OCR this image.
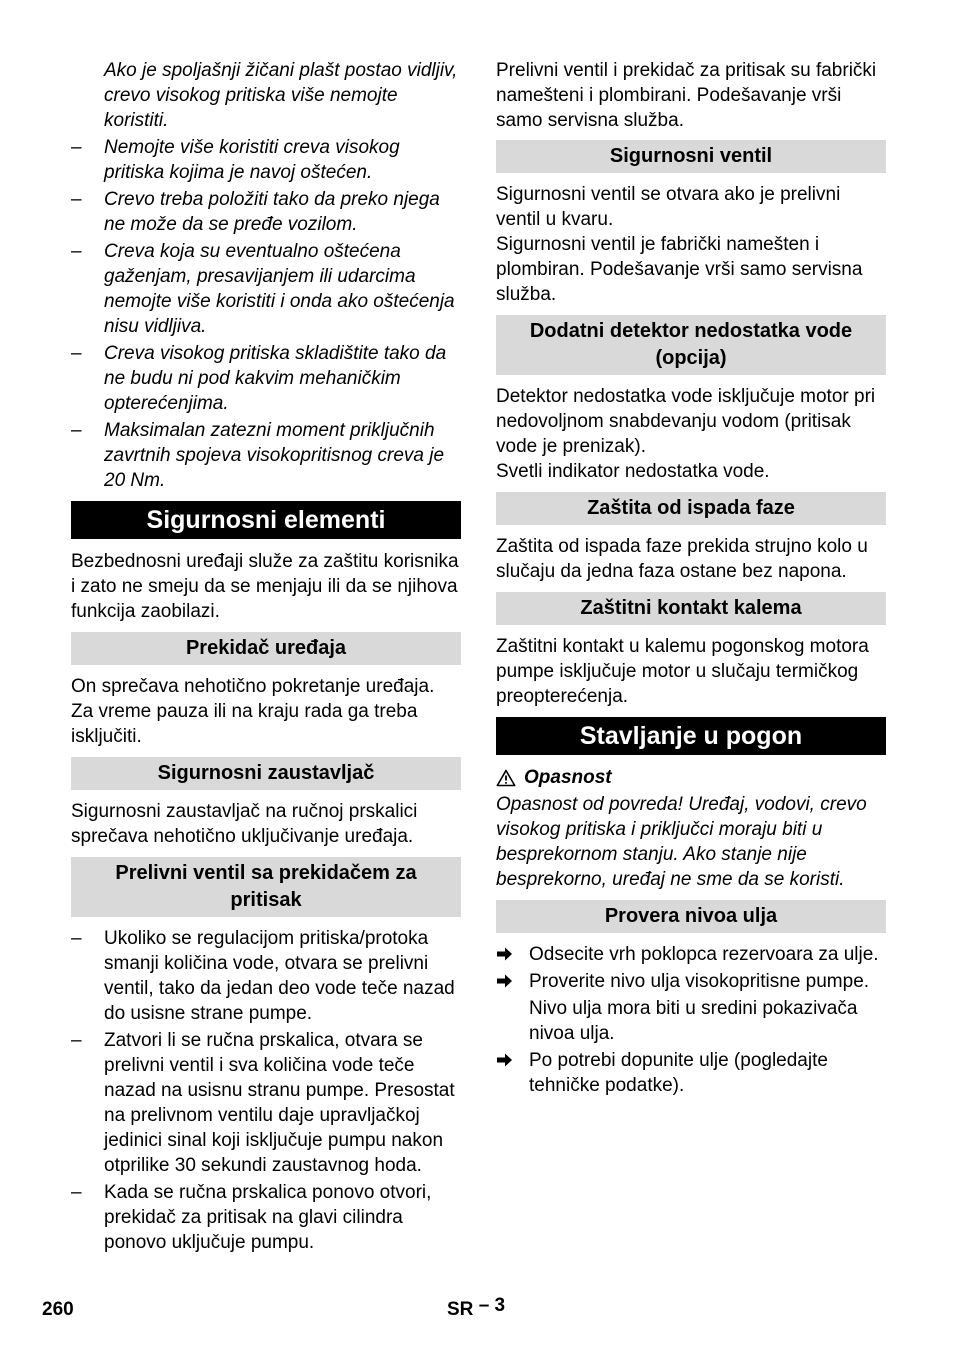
Ako je spoljašnji žičani plašt postao vidljiv, crevo visokog pritiska više nemojte koristiti.

–	Nemojte više koristiti creva visokog pritiska kojima je navoj oštećen.
–	Crevo treba položiti tako da preko njega ne može da se pređe vozilom.
–	Creva koja su eventualno oštećena gaženjam, presavijanjem ili udarcima nemojte više koristiti i onda ako oštećenja nisu vidljiva.
–	Creva visokog pritiska skladištite tako da ne budu ni pod kakvim mehaničkim opterećenjima.
–	Maksimalan zatezni moment priključnih zavrtnih spojeva visokopritisnog creva je 20 Nm.
Sigurnosni elementi

Bezbednosni uređaji služe za zaštitu korisnika i zato ne smeju da se menjaju ili da se njihova funkcija zaobilazi.

Prekidač uređaja

On sprečava nehotično pokretanje uređaja. Za vreme pauza ili na kraju rada ga treba isključiti.

Sigurnosni zaustavljač

Sigurnosni zaustavljač na ručnoj prskalici sprečava nehotično uključivanje uređaja.

Prelivni ventil sa prekidačem za pritisak
–	Ukoliko se regulacijom pritiska/protoka smanji količina vode, otvara se prelivni ventil, tako da jedan deo vode teče nazad do usisne strane pumpe.
–	Zatvori li se ručna prskalica, otvara se prelivni ventil i sva količina vode teče nazad na usisnu stranu pumpe. Presostat na prelivnom ventilu daje upravljačkoj jedinici sinal koji isključuje pumpu nakon otprilike 30 sekundi zaustavnog hoda.
–	Kada se ručna prskalica ponovo otvori, prekidač za pritisak na glavi cilindra ponovo uključuje pumpu.

Prelivni ventil i prekidač za pritisak su fabrički namešteni i plombirani. Podešavanje vrši samo servisna služba.

Sigurnosni ventil

Sigurnosni ventil se otvara ako je prelivni ventil u kvaru.

Sigurnosni ventil je fabrički namešten i plombiran. Podešavanje vrši samo servisna služba.

Dodatni detektor nedostatka vode (opcija)

Detektor nedostatka vode isključuje motor pri nedovoljnom snabdevanju vodom (pritisak vode je prenizak).

Svetli indikator nedostatka vode.

Zaštita od ispada faze

Zaštita od ispada faze prekida strujno kolo u slučaju da jedna faza ostane bez napona.

Zaštitni kontakt kalema

Zaštitni kontakt u kalemu pogonskog motora pumpe isključuje motor u slučaju termičkog preopterećenja.

Stavljanje u pogon
Opasnost

Opasnost od povreda! Uređaj, vodovi, crevo visokog pritiska i priključci moraju biti u besprekornom stanju. Ako stanje nije besprekorno, uređaj ne sme da se koristi.

Provera nivoa ulja
Odsecite vrh poklopca rezervoara za ulje.
Proverite nivo ulja visokopritisne pumpe.

Nivo ulja mora biti u sredini pokazivača nivoa ulja.

Po potrebi dopunite ulje (pogledajte tehničke podatke).
260	SR – 3
